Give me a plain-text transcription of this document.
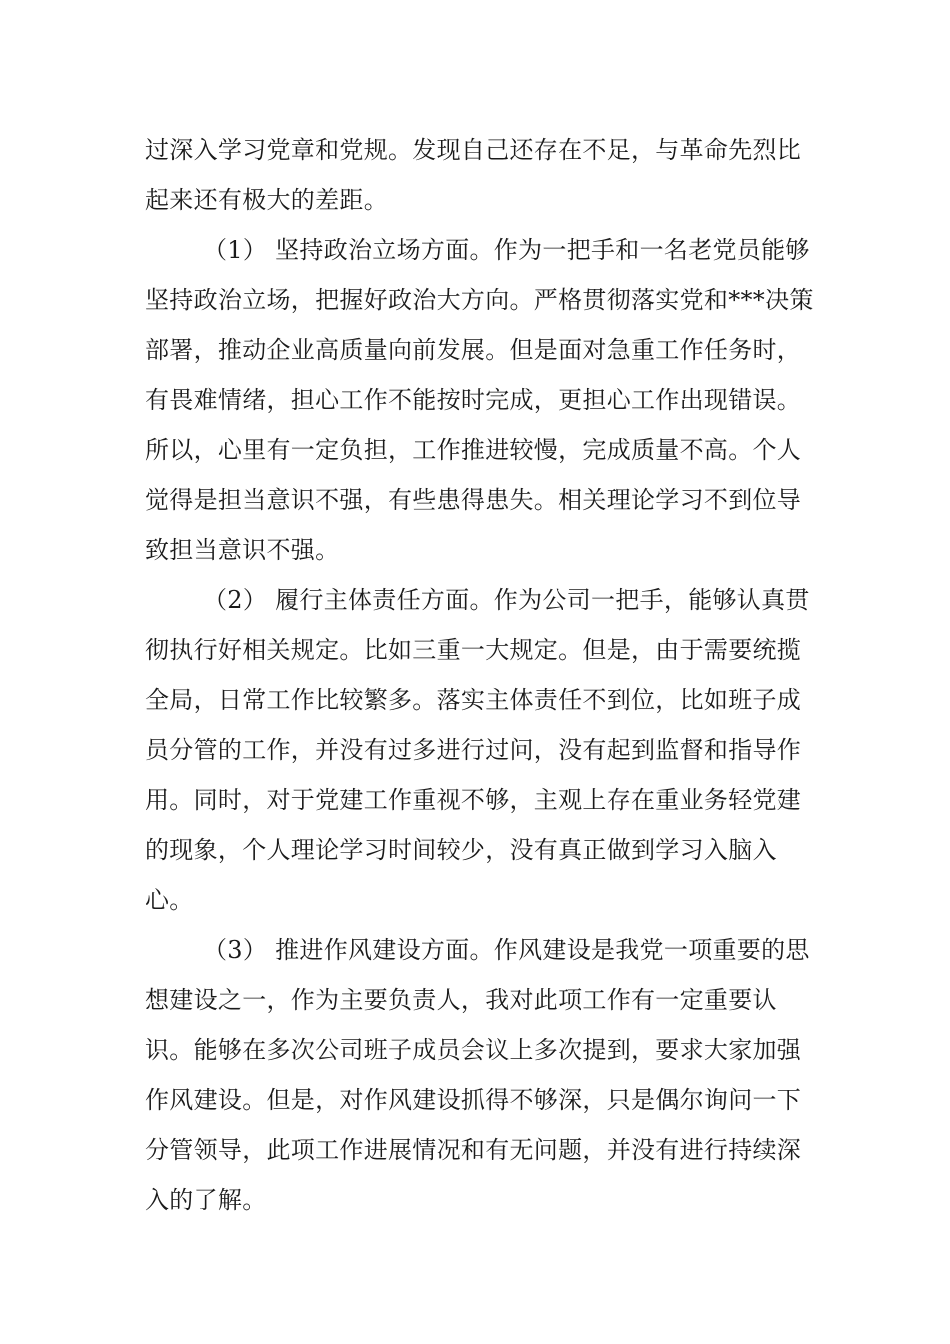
过深入学习党章和党规。发现自己还存在不足，与革命先烈比

起来还有极大的差距。

（1） 坚持政治立场方面。作为一把手和一名老党员能够

坚持政治立场，把握好政治大方向。严格贯彻落实党和***决策

部署，推动企业高质量向前发展。但是面对急重工作任务时，

有畏难情绪，担心工作不能按时完成，更担心工作出现错误。

所以，心里有一定负担，工作推进较慢，完成质量不高。个人

觉得是担当意识不强，有些患得患失。相关理论学习不到位导

致担当意识不强。

（2） 履行主体责任方面。作为公司一把手，能够认真贯

彻执行好相关规定。比如三重一大规定。但是，由于需要统揽

全局，日常工作比较繁多。落实主体责任不到位，比如班子成

员分管的工作，并没有过多进行过问，没有起到监督和指导作

用。同时，对于党建工作重视不够，主观上存在重业务轻党建

的现象，个人理论学习时间较少，没有真正做到学习入脑入

心。

（3） 推进作风建设方面。作风建设是我党一项重要的思

想建设之一，作为主要负责人，我对此项工作有一定重要认

识。能够在多次公司班子成员会议上多次提到，要求大家加强

作风建设。但是，对作风建设抓得不够深，只是偶尔询问一下

分管领导，此项工作进展情况和有无问题，并没有进行持续深

入的了解。
